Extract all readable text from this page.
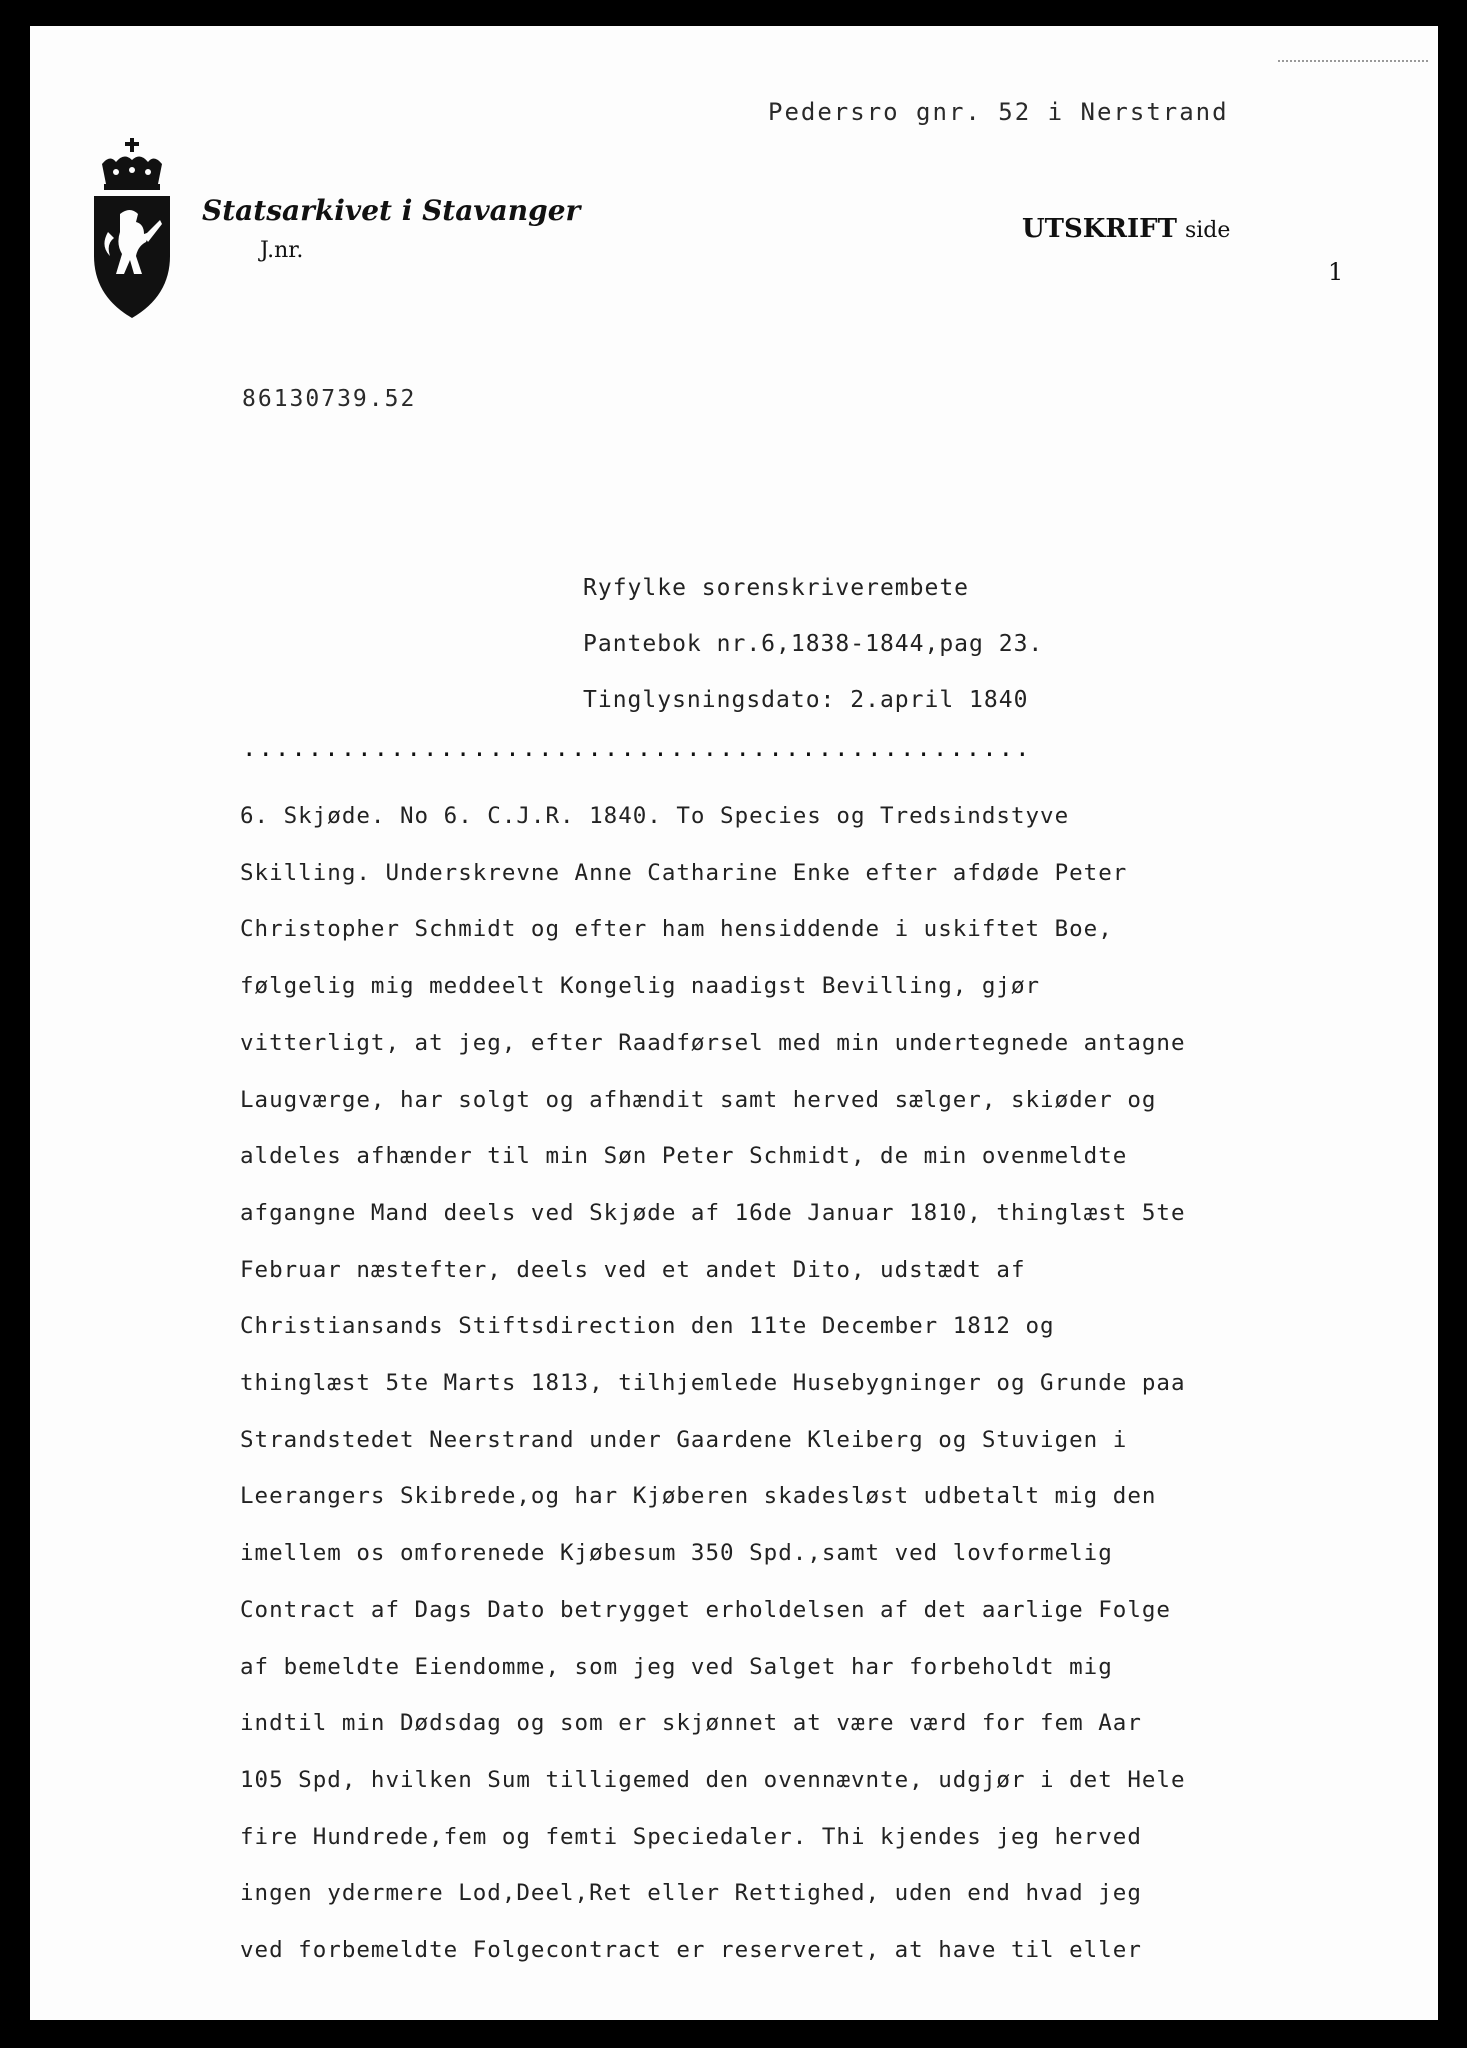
Pedersro gnr. 52 i Nerstrand
Statsarkivet i Stavanger
J.nr.
UTSKRIFT side
1
86130739.52
Ryfylke sorenskriverembete
Pantebok nr.6,1838-1844,pag 23.
Tinglysningsdato: 2.april 1840
................................................
6. Skjøde. No 6. C.J.R. 1840. To Species og Tredsindstyve
Skilling. Underskrevne Anne Catharine Enke efter afdøde Peter
Christopher Schmidt og efter ham hensiddende i uskiftet Boe,
følgelig mig meddeelt Kongelig naadigst Bevilling, gjør
vitterligt, at jeg, efter Raadførsel med min undertegnede antagne
Laugværge, har solgt og afhændit samt herved sælger, skiøder og
aldeles afhænder til min Søn Peter Schmidt, de min ovenmeldte
afgangne Mand deels ved Skjøde af 16de Januar 1810, thinglæst 5te
Februar næstefter, deels ved et andet Dito, udstædt af
Christiansands Stiftsdirection den 11te December 1812 og
thinglæst 5te Marts 1813, tilhjemlede Husebygninger og Grunde paa
Strandstedet Neerstrand under Gaardene Kleiberg og Stuvigen i
Leerangers Skibrede,og har Kjøberen skadesløst udbetalt mig den
imellem os omforenede Kjøbesum 350 Spd.,samt ved lovformelig
Contract af Dags Dato betrygget erholdelsen af det aarlige Folge
af bemeldte Eiendomme, som jeg ved Salget har forbeholdt mig
indtil min Dødsdag og som er skjønnet at være værd for fem Aar
105 Spd, hvilken Sum tilligemed den ovennævnte, udgjør i det Hele
fire Hundrede,fem og femti Speciedaler. Thi kjendes jeg herved
ingen ydermere Lod,Deel,Ret eller Rettighed, uden end hvad jeg
ved forbemeldte Folgecontract er reserveret, at have til eller
